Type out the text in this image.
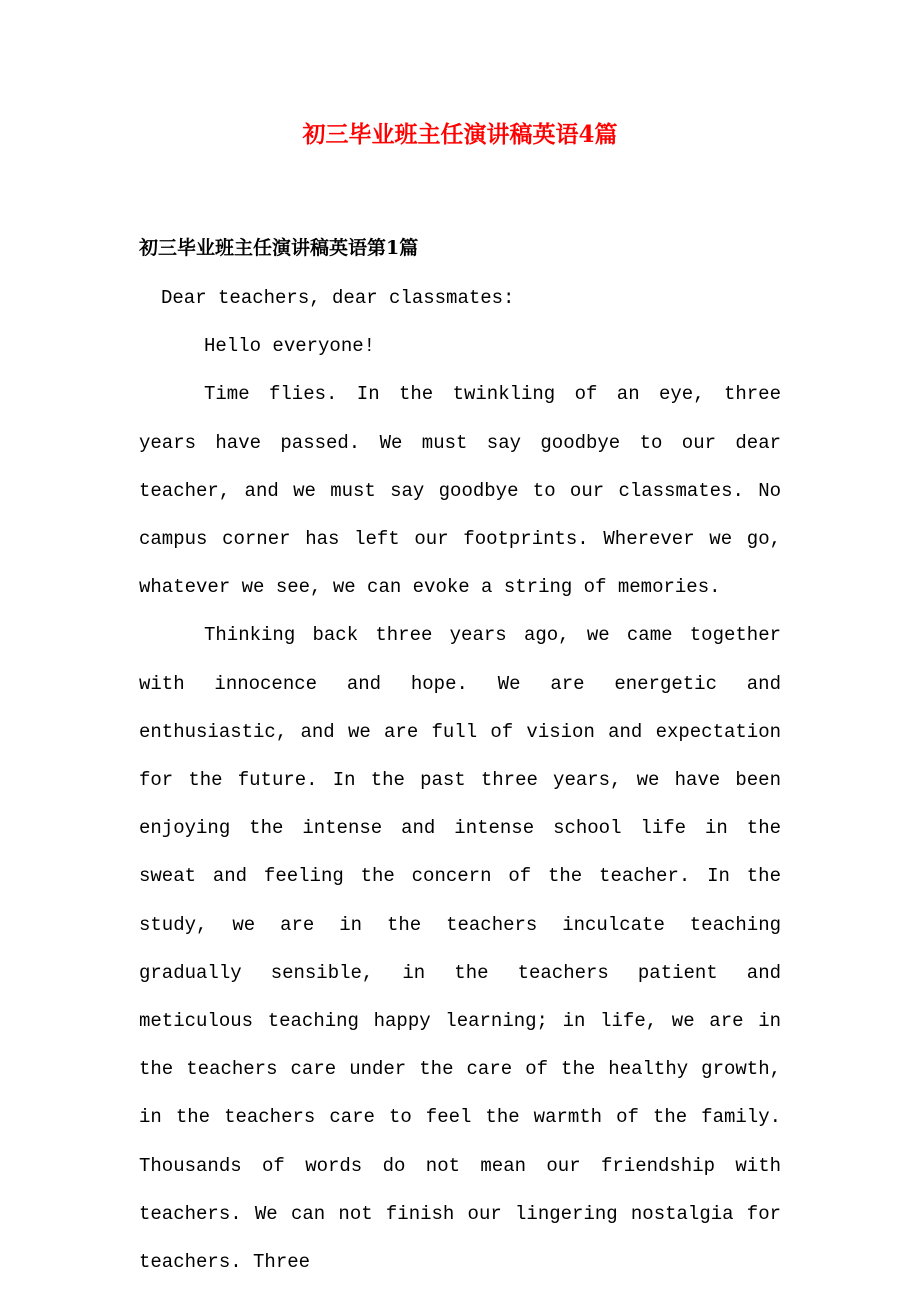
初三毕业班主任演讲稿英语4篇
初三毕业班主任演讲稿英语第1篇

Dear teachers, dear classmates:

Hello everyone!

Time flies. In the twinkling of an eye, three years have passed. We must say goodbye to our dear teacher, and we must say goodbye to our classmates. No campus corner has left our footprints. Wherever we go, whatever we see, we can evoke a string of memories.

Thinking back three years ago, we came together with innocence and hope. We are energetic and enthusiastic, and we are full of vision and expectation for the future. In the past three years, we have been enjoying the intense and intense school life in the sweat and feeling the concern of the teacher. In the study, we are in the teachers inculcate teaching gradually sensible, in the teachers patient and meticulous teaching happy learning; in life, we are in the teachers care under the care of the healthy growth, in the teachers care to feel the warmth of the family. Thousands of words do not mean our friendship with teachers. We can not finish our lingering nostalgia for teachers. Three
